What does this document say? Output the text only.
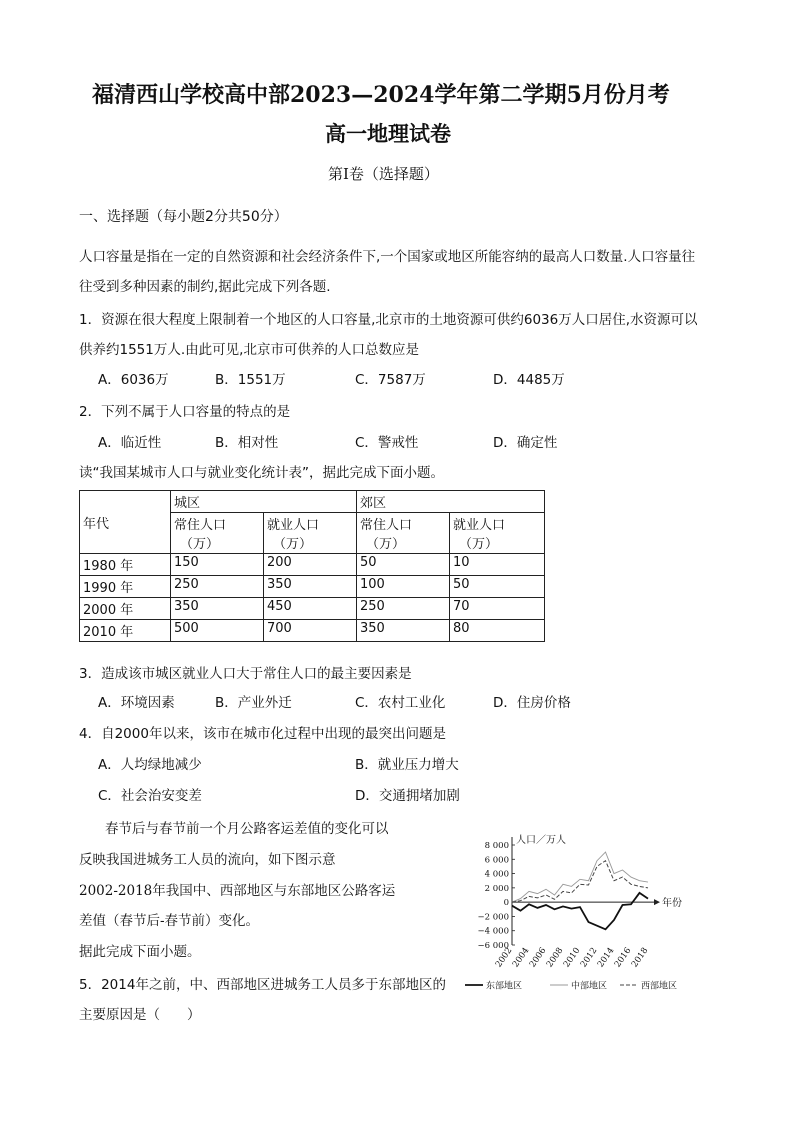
福清西山学校高中部2023—2024学年第二学期5月份月考
高一地理试卷
第Ⅰ卷（选择题）
一、选择题（每小题2分共50分）
人口容量是指在一定的自然资源和社会经济条件下,一个国家或地区所能容纳的最高人口数量.人口容量往
往受到多种因素的制约,据此完成下列各题.
1．资源在很大程度上限制着一个地区的人口容量,北京市的土地资源可供约6036万人口居住,水资源可以
供养约1551万人.由此可见,北京市可供养的人口总数应是
A．6036万	B．1551万	C．7587万	D．4485万
2．下列不属于人口容量的特点的是
A．临近性	B．相对性	C．警戒性	D．确定性
读“我国某城市人口与就业变化统计表”，据此完成下面小题。
年代	城区		郊区	
	常住人口
（万）	就业人口
（万）	常住人口
（万）	就业人口
（万）

1980 年	150	200	50	10
1990 年	250	350	100	50
2000 年	350	450	250	70
2010 年	500	700	350	80
3．造成该市城区就业人口大于常住人口的最主要因素是
A．环境因素	B．产业外迁	C．农村工业化	D．住房价格
4．自2000年以来，该市在城市化过程中出现的最突出问题是
A．人均绿地减少	B．就业压力增大
C．社会治安变差	D．交通拥堵加剧
春节后与春节前一个月公路客运差值的变化可以
反映我国进城务工人员的流向，如下图示意
2002-2018年我国中、西部地区与东部地区公路客运
差值（春节后-春节前）变化。
据此完成下面小题。
5．2014年之前，中、西部地区进城务工人员多于东部地区的
主要原因是（　　）
8 000
6 000
4 000
2 000
0
−2 000
−4 000
−6 000
2002
2004
2006
2008
2010
2012
2014
2016
2018
人口／万人
年份
东部地区	中部地区	西部地区
